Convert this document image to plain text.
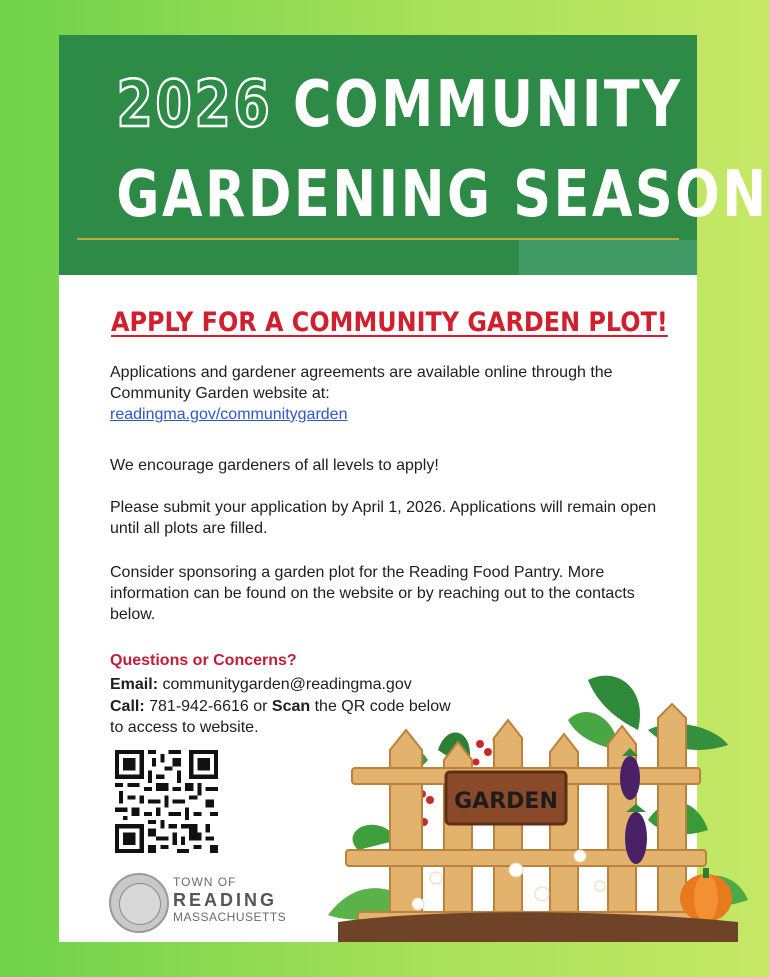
2026 COMMUNITY
GARDENING SEASON
APPLY FOR A COMMUNITY GARDEN PLOT!
Applications and gardener agreements are available online through the Community Garden website at:
readingma.gov/communitygarden
We encourage gardeners of all levels to apply!
Please submit your application by April 1, 2026. Applications will remain open until all plots are filled.
Consider sponsoring a garden plot for the Reading Food Pantry. More information can be found on the website or by reaching out to the contacts below.
Questions or Concerns?
Email: communitygarden@readingma.gov
Call: 781-942-6616 or Scan the QR code below
to access to website.
TOWN OF
READING
MASSACHUSETTS
GARDEN
